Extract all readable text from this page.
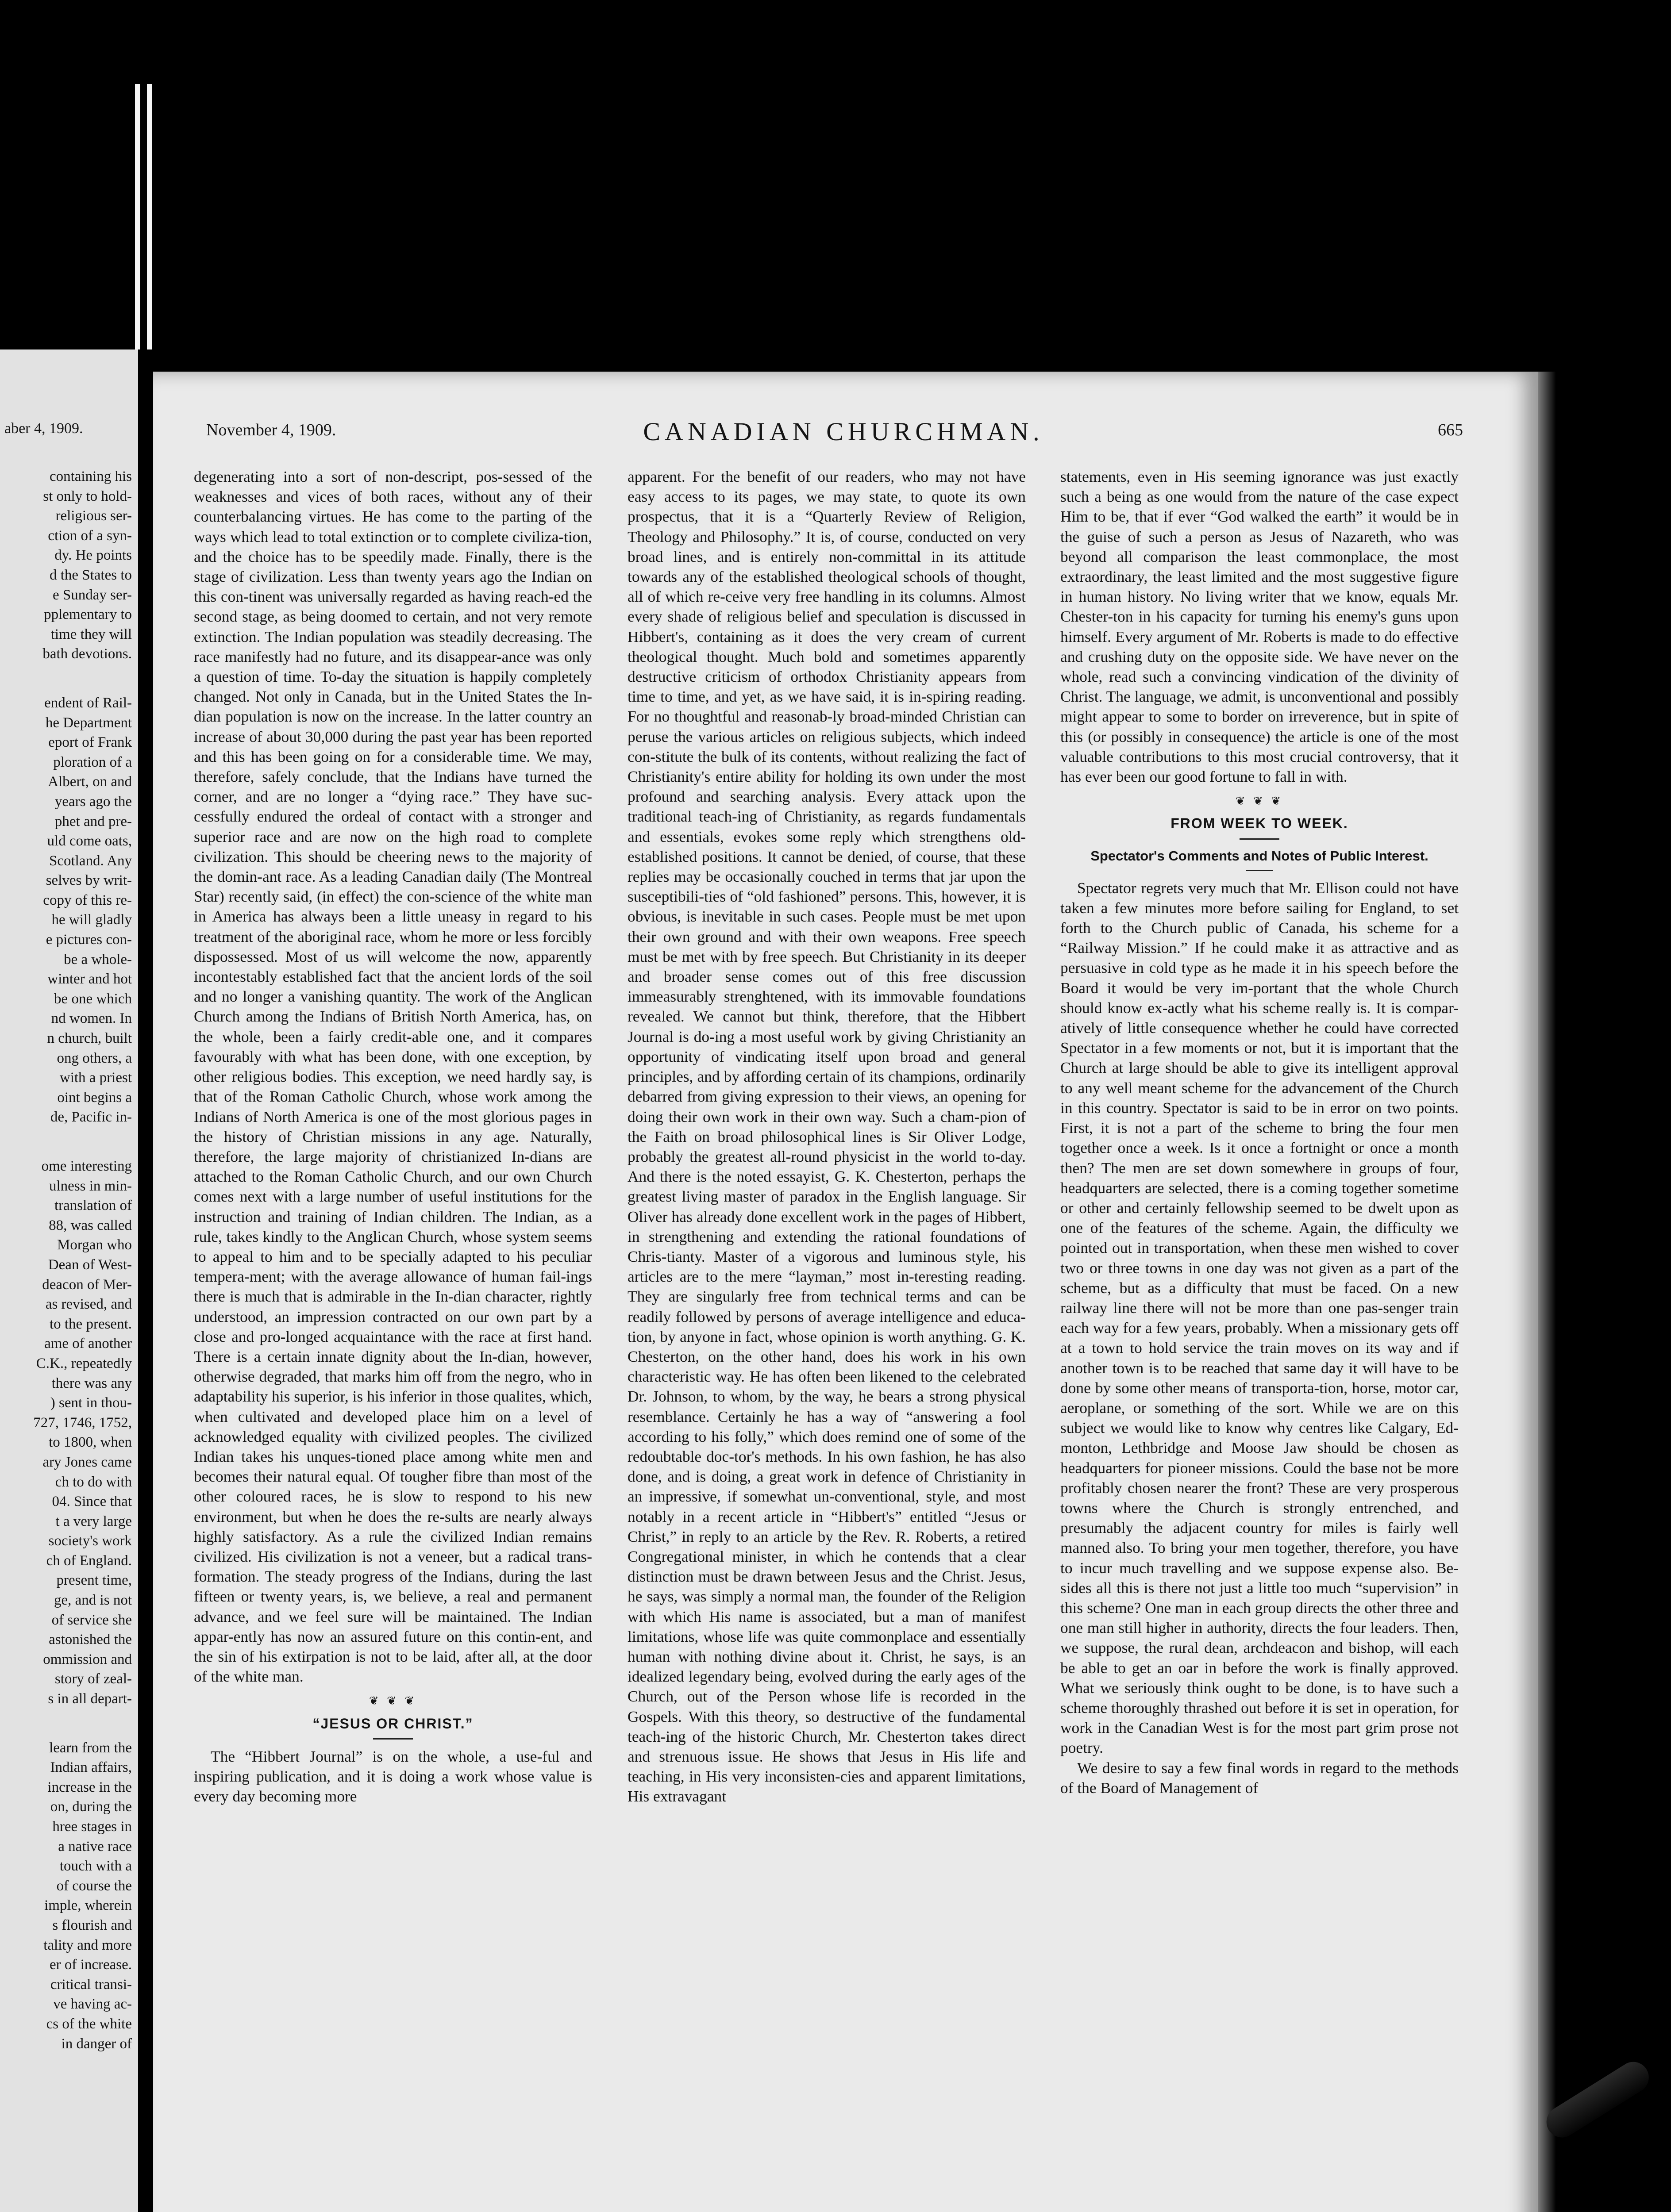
aber 4, 1909.
containing his
st only to hold-
religious ser-
ction of a syn-
dy. He points
d the States to
e Sunday ser-
pplementary to
time they will
bath devotions.
endent of Rail-
he Department
eport of Frank
ploration of a
Albert, on and
years ago the
phet and pre-
uld come oats,
Scotland. Any
selves by writ-
copy of this re-
he will gladly
e pictures con-
be a whole-
winter and hot
be one which
nd women. In
n church, built
ong others, a
with a priest
oint begins a
de, Pacific in-
ome interesting
ulness in min-
translation of
88, was called
Morgan who
Dean of West-
deacon of Mer-
as revised, and
to the present.
ame of another
C.K., repeatedly
there was any
) sent in thou-
727, 1746, 1752,
to 1800, when
ary Jones came
ch to do with
04. Since that
t a very large
society's work
ch of England.
present time,
ge, and is not
of service she
astonished the
ommission and
story of zeal-
s in all depart-
learn from the
Indian affairs,
increase in the
on, during the
hree stages in
a native race
touch with a
of course the
imple, wherein
s flourish and
tality and more
er of increase.
critical transi-
ve having ac-
cs of the white
in danger of
November 4, 1909.	CANADIAN CHURCHMAN.	665

degenerating into a sort of non-descript, pos-sessed of the weaknesses and vices of both races, without any of their counterbalancing virtues. He has come to the parting of the ways which lead to total extinction or to complete civiliza-tion, and the choice has to be speedily made. Finally, there is the stage of civilization. Less than twenty years ago the Indian on this con-tinent was universally regarded as having reach-ed the second stage, as being doomed to certain, and not very remote extinction. The Indian population was steadily decreasing. The race manifestly had no future, and its disappear-ance was only a question of time. To-day the situation is happily completely changed. Not only in Canada, but in the United States the In-dian population is now on the increase. In the latter country an increase of about 30,000 during the past year has been reported and this has been going on for a considerable time. We may, therefore, safely conclude, that the Indians have turned the corner, and are no longer a “dying race.” They have suc-cessfully endured the ordeal of contact with a stronger and superior race and are now on the high road to complete civilization. This should be cheering news to the majority of the domin-ant race. As a leading Canadian daily (The Montreal Star) recently said, (in effect) the con-science of the white man in America has always been a little uneasy in regard to his treatment of the aboriginal race, whom he more or less forcibly dispossessed. Most of us will welcome the now, apparently incontestably established fact that the ancient lords of the soil and no longer a vanishing quantity. The work of the Anglican Church among the Indians of British North America, has, on the whole, been a fairly credit-able one, and it compares favourably with what has been done, with one exception, by other religious bodies. This exception, we need hardly say, is that of the Roman Catholic Church, whose work among the Indians of North America is one of the most glorious pages in the history of Christian missions in any age. Naturally, therefore, the large majority of christianized In-dians are attached to the Roman Catholic Church, and our own Church comes next with a large number of useful institutions for the instruction and training of Indian children. The Indian, as a rule, takes kindly to the Anglican Church, whose system seems to appeal to him and to be specially adapted to his peculiar tempera-ment; with the average allowance of human fail-ings there is much that is admirable in the In-dian character, rightly understood, an impression contracted on our own part by a close and pro-longed acquaintance with the race at first hand. There is a certain innate dignity about the In-dian, however, otherwise degraded, that marks him off from the negro, who in adaptability his superior, is his inferior in those qualites, which, when cultivated and developed place him on a level of acknowledged equality with civilized peoples. The civilized Indian takes his unques-tioned place among white men and becomes their natural equal. Of tougher fibre than most of the other coloured races, he is slow to respond to his new environment, but when he does the re-sults are nearly always highly satisfactory. As a rule the civilized Indian remains civilized. His civilization is not a veneer, but a radical trans-formation. The steady progress of the Indians, during the last fifteen or twenty years, is, we believe, a real and permanent advance, and we feel sure will be maintained. The Indian appar-ently has now an assured future on this contin-ent, and the sin of his extirpation is not to be laid, after all, at the door of the white man.

❦ ❦ ❦
“JESUS OR CHRIST.”

The “Hibbert Journal” is on the whole, a use-ful and inspiring publication, and it is doing a work whose value is every day becoming more

apparent. For the benefit of our readers, who may not have easy access to its pages, we may state, to quote its own prospectus, that it is a “Quarterly Review of Religion, Theology and Philosophy.” It is, of course, conducted on very broad lines, and is entirely non-committal in its attitude towards any of the established theological schools of thought, all of which re-ceive very free handling in its columns. Almost every shade of religious belief and speculation is discussed in Hibbert's, containing as it does the very cream of current theological thought. Much bold and sometimes apparently destructive criticism of orthodox Christianity appears from time to time, and yet, as we have said, it is in-spiring reading. For no thoughtful and reasonab-ly broad-minded Christian can peruse the various articles on religious subjects, which indeed con-stitute the bulk of its contents, without realizing the fact of Christianity's entire ability for holding its own under the most profound and searching analysis. Every attack upon the traditional teach-ing of Christianity, as regards fundamentals and essentials, evokes some reply which strengthens old-established positions. It cannot be denied, of course, that these replies may be occasionally couched in terms that jar upon the susceptibili-ties of “old fashioned” persons. This, however, it is obvious, is inevitable in such cases. People must be met upon their own ground and with their own weapons. Free speech must be met with by free speech. But Christianity in its deeper and broader sense comes out of this free discussion immeasurably strenghtened, with its immovable foundations revealed. We cannot but think, therefore, that the Hibbert Journal is do-ing a most useful work by giving Christianity an opportunity of vindicating itself upon broad and general principles, and by affording certain of its champions, ordinarily debarred from giving expression to their views, an opening for doing their own work in their own way. Such a cham-pion of the Faith on broad philosophical lines is Sir Oliver Lodge, probably the greatest all-round physicist in the world to-day. And there is the noted essayist, G. K. Chesterton, perhaps the greatest living master of paradox in the English language. Sir Oliver has already done excellent work in the pages of Hibbert, in strengthening and extending the rational foundations of Chris-tianty. Master of a vigorous and luminous style, his articles are to the mere “layman,” most in-teresting reading. They are singularly free from technical terms and can be readily followed by persons of average intelligence and educa-tion, by anyone in fact, whose opinion is worth anything. G. K. Chesterton, on the other hand, does his work in his own characteristic way. He has often been likened to the celebrated Dr. Johnson, to whom, by the way, he bears a strong physical resemblance. Certainly he has a way of “answering a fool according to his folly,” which does remind one of some of the redoubtable doc-tor's methods. In his own fashion, he has also done, and is doing, a great work in defence of Christianity in an impressive, if somewhat un-conventional, style, and most notably in a recent article in “Hibbert's” entitled “Jesus or Christ,” in reply to an article by the Rev. R. Roberts, a retired Congregational minister, in which he contends that a clear distinction must be drawn between Jesus and the Christ. Jesus, he says, was simply a normal man, the founder of the Religion with which His name is associated, but a man of manifest limitations, whose life was quite commonplace and essentially human with nothing divine about it. Christ, he says, is an idealized legendary being, evolved during the early ages of the Church, out of the Person whose life is recorded in the Gospels. With this theory, so destructive of the fundamental teach-ing of the historic Church, Mr. Chesterton takes direct and strenuous issue. He shows that Jesus in His life and teaching, in His very inconsisten-cies and apparent limitations, His extravagant

statements, even in His seeming ignorance was just exactly such a being as one would from the nature of the case expect Him to be, that if ever “God walked the earth” it would be in the guise of such a person as Jesus of Nazareth, who was beyond all comparison the least commonplace, the most extraordinary, the least limited and the most suggestive figure in human history. No living writer that we know, equals Mr. Chester-ton in his capacity for turning his enemy's guns upon himself. Every argument of Mr. Roberts is made to do effective and crushing duty on the opposite side. We have never on the whole, read such a convincing vindication of the divinity of Christ. The language, we admit, is unconventional and possibly might appear to some to border on irreverence, but in spite of this (or possibly in consequence) the article is one of the most valuable contributions to this most crucial controversy, that it has ever been our good fortune to fall in with.

❦ ❦ ❦
FROM WEEK TO WEEK.
Spectator's Comments and Notes of Public Interest.

Spectator regrets very much that Mr. Ellison could not have taken a few minutes more before sailing for England, to set forth to the Church public of Canada, his scheme for a “Railway Mission.” If he could make it as attractive and as persuasive in cold type as he made it in his speech before the Board it would be very im-portant that the whole Church should know ex-actly what his scheme really is. It is compar-atively of little consequence whether he could have corrected Spectator in a few moments or not, but it is important that the Church at large should be able to give its intelligent approval to any well meant scheme for the advancement of the Church in this country. Spectator is said to be in error on two points. First, it is not a part of the scheme to bring the four men together once a week. Is it once a fortnight or once a month then? The men are set down somewhere in groups of four, headquarters are selected, there is a coming together sometime or other and certainly fellowship seemed to be dwelt upon as one of the features of the scheme. Again, the difficulty we pointed out in transportation, when these men wished to cover two or three towns in one day was not given as a part of the scheme, but as a difficulty that must be faced. On a new railway line there will not be more than one pas-senger train each way for a few years, probably. When a missionary gets off at a town to hold service the train moves on its way and if another town is to be reached that same day it will have to be done by some other means of transporta-tion, horse, motor car, aeroplane, or something of the sort. While we are on this subject we would like to know why centres like Calgary, Ed-monton, Lethbridge and Moose Jaw should be chosen as headquarters for pioneer missions. Could the base not be more profitably chosen nearer the front? These are very prosperous towns where the Church is strongly entrenched, and presumably the adjacent country for miles is fairly well manned also. To bring your men together, therefore, you have to incur much travelling and we suppose expense also. Be-sides all this is there not just a little too much “supervision” in this scheme? One man in each group directs the other three and one man still higher in authority, directs the four leaders. Then, we suppose, the rural dean, archdeacon and bishop, will each be able to get an oar in before the work is finally approved. What we seriously think ought to be done, is to have such a scheme thoroughly thrashed out before it is set in operation, for work in the Canadian West is for the most part grim prose not poetry.

We desire to say a few final words in regard to the methods of the Board of Management of
